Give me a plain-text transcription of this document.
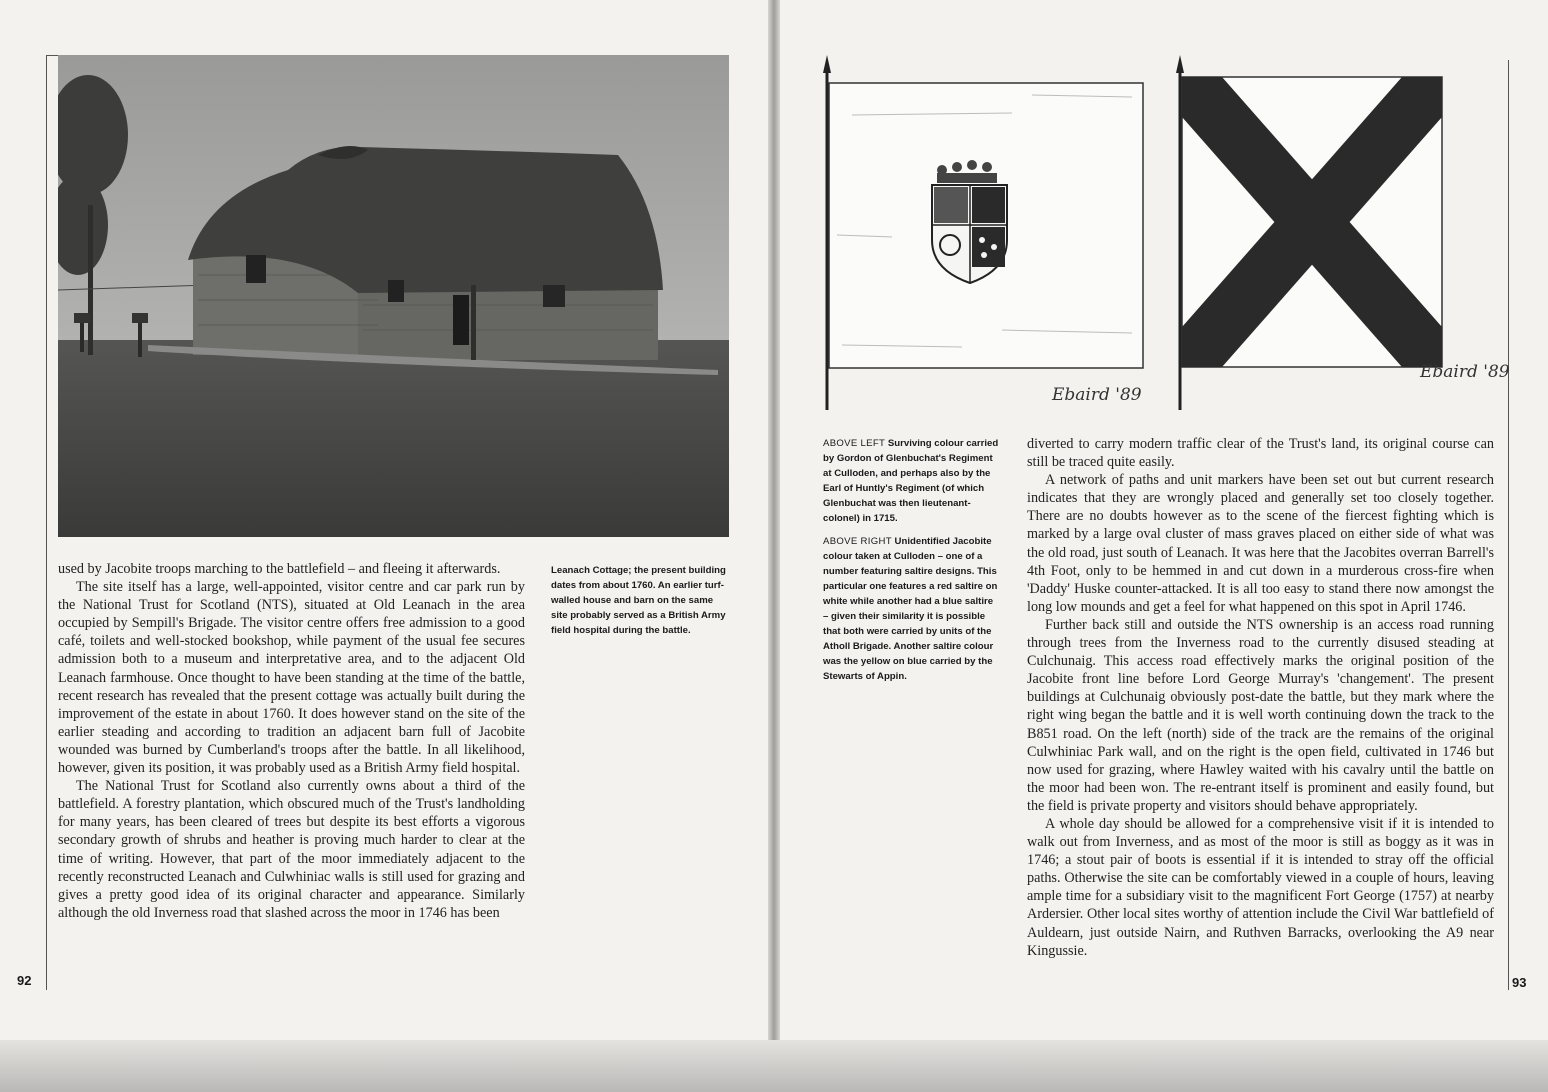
used by Jacobite troops marching to the battlefield – and fleeing it afterwards.

The site itself has a large, well-appointed, visitor centre and car park run by the National Trust for Scotland (NTS), situated at Old Leanach in the area occupied by Sempill's Brigade. The visitor centre offers free admission to a good café, toilets and well-stocked bookshop, while payment of the usual fee secures admission both to a museum and interpretative area, and to the adjacent Old Leanach farmhouse. Once thought to have been standing at the time of the battle, recent research has revealed that the present cottage was actually built during the improvement of the estate in about 1760. It does however stand on the site of the earlier steading and according to tradition an adjacent barn full of Jacobite wounded was burned by Cumberland's troops after the battle. In all likelihood, however, given its position, it was probably used as a British Army field hospital.

The National Trust for Scotland also currently owns about a third of the battlefield. A forestry plantation, which obscured much of the Trust's landholding for many years, has been cleared of trees but despite its best efforts a vigorous secondary growth of shrubs and heather is proving much harder to clear at the time of writing. However, that part of the moor immediately adjacent to the recently reconstructed Leanach and Culwhiniac walls is still used for grazing and gives a pretty good idea of its original character and appearance. Similarly although the old Inverness road that slashed across the moor in 1746 has been

Leanach Cottage; the present building dates from about 1760. An earlier turf-walled house and barn on the same site probably served as a British Army field hospital during the battle.

92
Ebaird '89
Ebaird '89

ABOVE LEFT Surviving colour carried by Gordon of Glenbuchat's Regiment at Culloden, and perhaps also by the Earl of Huntly's Regiment (of which Glenbuchat was then lieutenant-colonel) in 1715.

ABOVE RIGHT Unidentified Jacobite colour taken at Culloden – one of a number featuring saltire designs. This particular one features a red saltire on white while another had a blue saltire – given their similarity it is possible that both were carried by units of the Atholl Brigade. Another saltire colour was the yellow on blue carried by the Stewarts of Appin.

diverted to carry modern traffic clear of the Trust's land, its original course can still be traced quite easily.

A network of paths and unit markers have been set out but current research indicates that they are wrongly placed and generally set too closely together. There are no doubts however as to the scene of the fiercest fighting which is marked by a large oval cluster of mass graves placed on either side of what was the old road, just south of Leanach. It was here that the Jacobites overran Barrell's 4th Foot, only to be hemmed in and cut down in a murderous cross-fire when 'Daddy' Huske counter-attacked. It is all too easy to stand there now amongst the long low mounds and get a feel for what happened on this spot in April 1746.

Further back still and outside the NTS ownership is an access road running through trees from the Inverness road to the currently disused steading at Culchunaig. This access road effectively marks the original position of the Jacobite front line before Lord George Murray's 'changement'. The present buildings at Culchunaig obviously post-date the battle, but they mark where the right wing began the battle and it is well worth continuing down the track to the B851 road. On the left (north) side of the track are the remains of the original Culwhiniac Park wall, and on the right is the open field, cultivated in 1746 but now used for grazing, where Hawley waited with his cavalry until the battle on the moor had been won. The re-entrant itself is prominent and easily found, but the field is private property and visitors should behave appropriately.

A whole day should be allowed for a comprehensive visit if it is intended to walk out from Inverness, and as most of the moor is still as boggy as it was in 1746; a stout pair of boots is essential if it is intended to stray off the official paths. Otherwise the site can be comfortably viewed in a couple of hours, leaving ample time for a subsidiary visit to the magnificent Fort George (1757) at nearby Ardersier. Other local sites worthy of attention include the Civil War battlefield of Auldearn, just outside Nairn, and Ruthven Barracks, overlooking the A9 near Kingussie.

93
